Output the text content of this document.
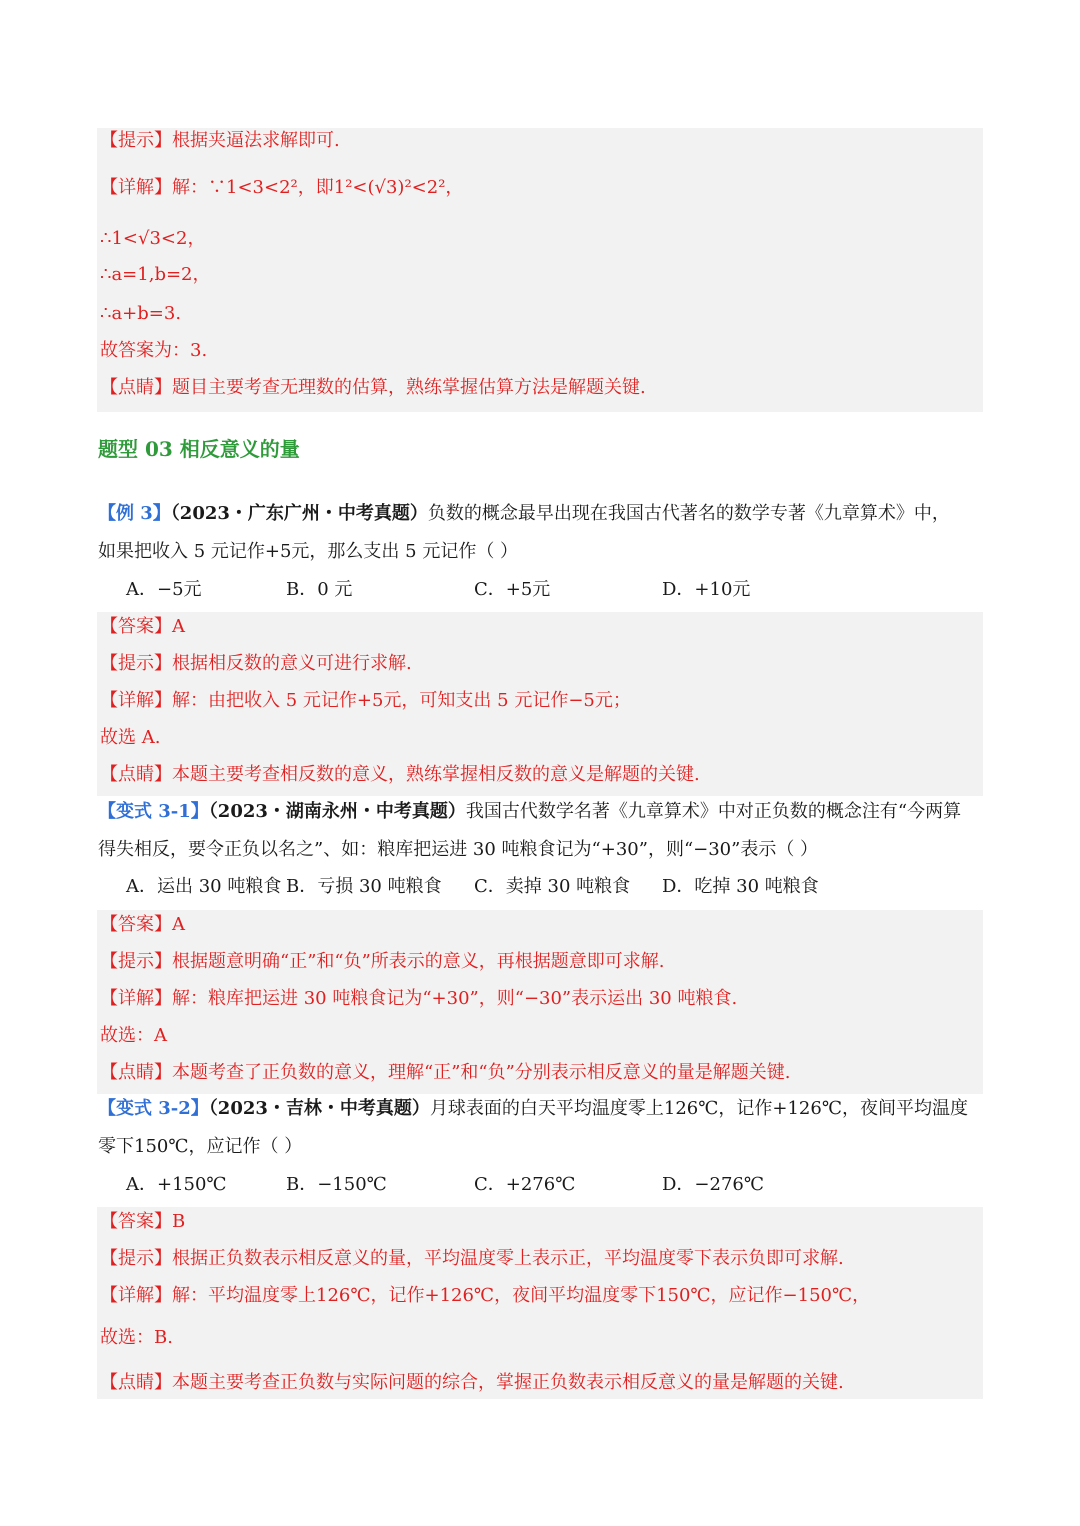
【提示】根据夹逼法求解即可.
【详解】解：∵1<3<2²，即1²<(√3)²<2²，
∴1<√3<2，
∴a=1,b=2，
∴a+b=3.
故答案为：3.
【点睛】题目主要考查无理数的估算，熟练掌握估算方法是解题关键.
题型 03 相反意义的量
【例 3】（2023・广东广州・中考真题）负数的概念最早出现在我国古代著名的数学专著《九章算术》中，
如果把收入 5 元记作+5元，那么支出 5 元记作（ ）
A．−5元	B．0 元	C．+5元	D．+10元
【答案】A
【提示】根据相反数的意义可进行求解.
【详解】解：由把收入 5 元记作+5元，可知支出 5 元记作−5元；
故选 A.
【点睛】本题主要考查相反数的意义，熟练掌握相反数的意义是解题的关键.
【变式 3-1】（2023・湖南永州・中考真题）我国古代数学名著《九章算术》中对正负数的概念注有“今两算
得失相反，要令正负以名之”、如：粮库把运进 30 吨粮食记为“+30”，则“−30”表示（ ）
A．运出 30 吨粮食 B．亏损 30 吨粮食 C．卖掉 30 吨粮食 D．吃掉 30 吨粮食
【答案】A
【提示】根据题意明确“正”和“负”所表示的意义，再根据题意即可求解.
【详解】解：粮库把运进 30 吨粮食记为“+30”，则“−30”表示运出 30 吨粮食.
故选：A
【点睛】本题考查了正负数的意义，理解“正”和“负”分别表示相反意义的量是解题关键.
【变式 3-2】（2023・吉林・中考真题）月球表面的白天平均温度零上126℃，记作+126℃，夜间平均温度
零下150℃，应记作（ ）
A．+150℃	B．−150℃	C．+276℃	D．−276℃
【答案】B
【提示】根据正负数表示相反意义的量，平均温度零上表示正，平均温度零下表示负即可求解.
【详解】解：平均温度零上126℃，记作+126℃，夜间平均温度零下150℃，应记作−150℃，
故选：B.
【点睛】本题主要考查正负数与实际问题的综合，掌握正负数表示相反意义的量是解题的关键.
